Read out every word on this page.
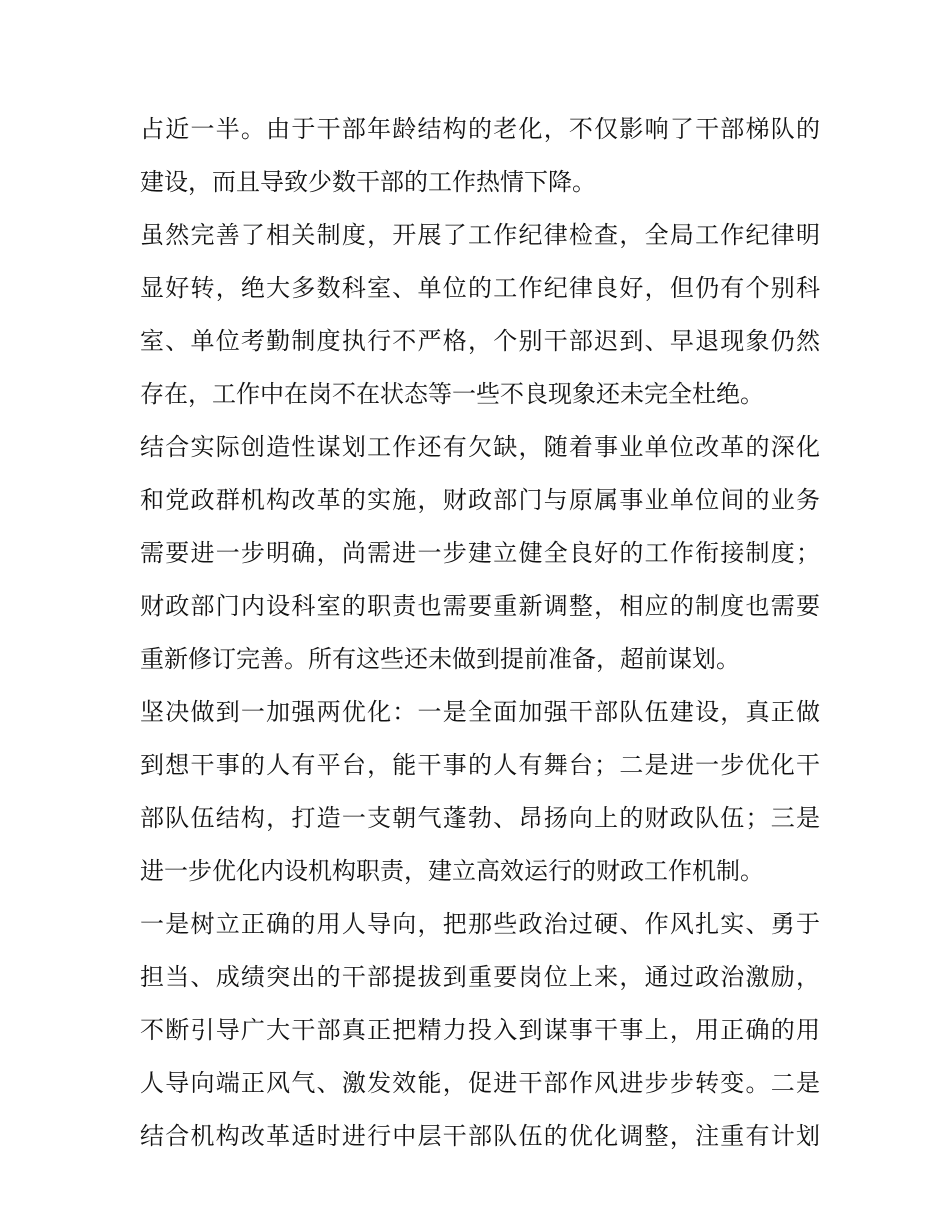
占近一半。由于干部年龄结构的老化，不仅影响了干部梯队的
建设，而且导致少数干部的工作热情下降。
虽然完善了相关制度，开展了工作纪律检查，全局工作纪律明
显好转，绝大多数科室、单位的工作纪律良好，但仍有个别科
室、单位考勤制度执行不严格，个别干部迟到、早退现象仍然
存在，工作中在岗不在状态等一些不良现象还未完全杜绝。
结合实际创造性谋划工作还有欠缺，随着事业单位改革的深化
和党政群机构改革的实施，财政部门与原属事业单位间的业务
需要进一步明确，尚需进一步建立健全良好的工作衔接制度；
财政部门内设科室的职责也需要重新调整，相应的制度也需要
重新修订完善。所有这些还未做到提前准备，超前谋划。
坚决做到一加强两优化：一是全面加强干部队伍建设，真正做
到想干事的人有平台，能干事的人有舞台；二是进一步优化干
部队伍结构，打造一支朝气蓬勃、昂扬向上的财政队伍；三是
进一步优化内设机构职责，建立高效运行的财政工作机制。
一是树立正确的用人导向，把那些政治过硬、作风扎实、勇于
担当、成绩突出的干部提拔到重要岗位上来，通过政治激励，
不断引导广大干部真正把精力投入到谋事干事上，用正确的用
人导向端正风气、激发效能，促进干部作风进步步转变。二是
结合机构改革适时进行中层干部队伍的优化调整，注重有计划
